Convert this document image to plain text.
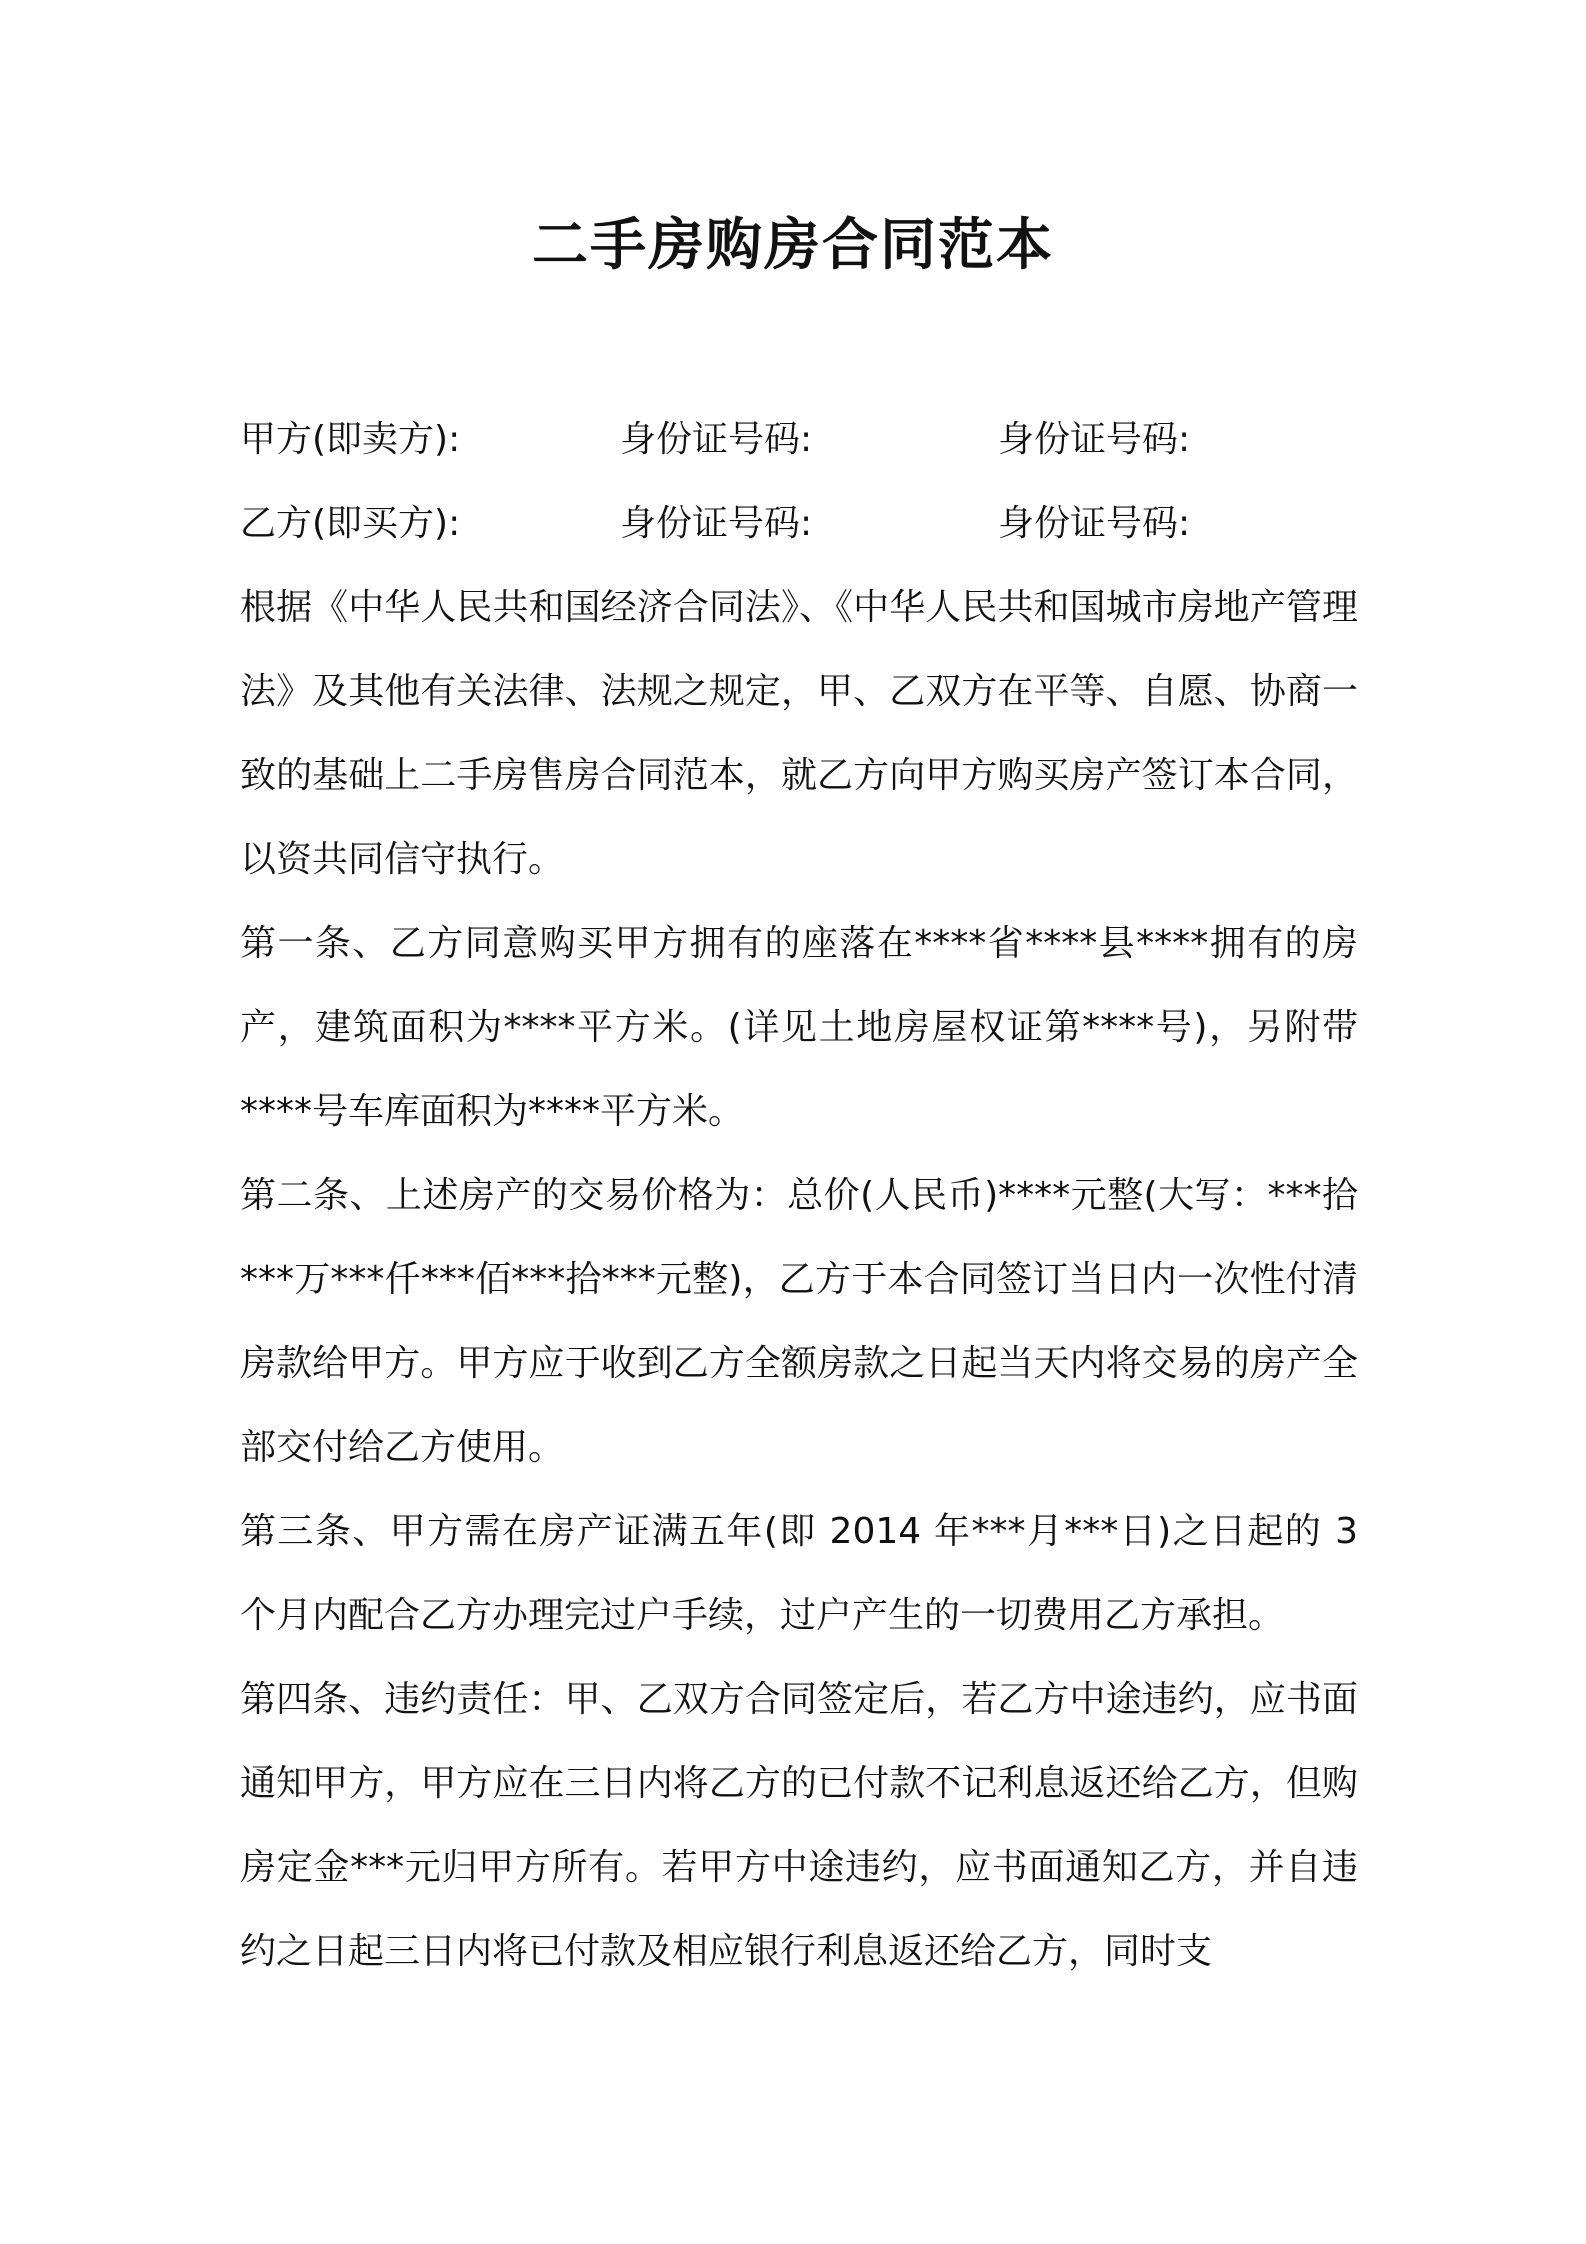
二手房购房合同范本
甲方(即卖方):	身份证号码:	身份证号码:
乙方(即买方):	身份证号码:	身份证号码:

根据《中华人民共和国经济合同法》、《中华人民共和国城市房地产管理法》及其他有关法律、法规之规定，甲、乙双方在平等、自愿、协商一致的基础上二手房售房合同范本，就乙方向甲方购买房产签订本合同，以资共同信守执行。

第一条、乙方同意购买甲方拥有的座落在****省****县****拥有的房产，建筑面积为****平方米。(详见土地房屋权证第****号)，另附带****号车库面积为****平方米。

第二条、上述房产的交易价格为：总价(人民币)****元整(大写：***拾***万***仟***佰***拾***元整)，乙方于本合同签订当日内一次性付清房款给甲方。甲方应于收到乙方全额房款之日起当天内将交易的房产全部交付给乙方使用。

第三条、甲方需在房产证满五年(即 2014 年***月***日)之日起的 3 个月内配合乙方办理完过户手续，过户产生的一切费用乙方承担。

第四条、违约责任：甲、乙双方合同签定后，若乙方中途违约，应书面通知甲方，甲方应在三日内将乙方的已付款不记利息返还给乙方，但购房定金***元归甲方所有。若甲方中途违约，应书面通知乙方，并自违约之日起三日内将已付款及相应银行利息返还给乙方，同时支
